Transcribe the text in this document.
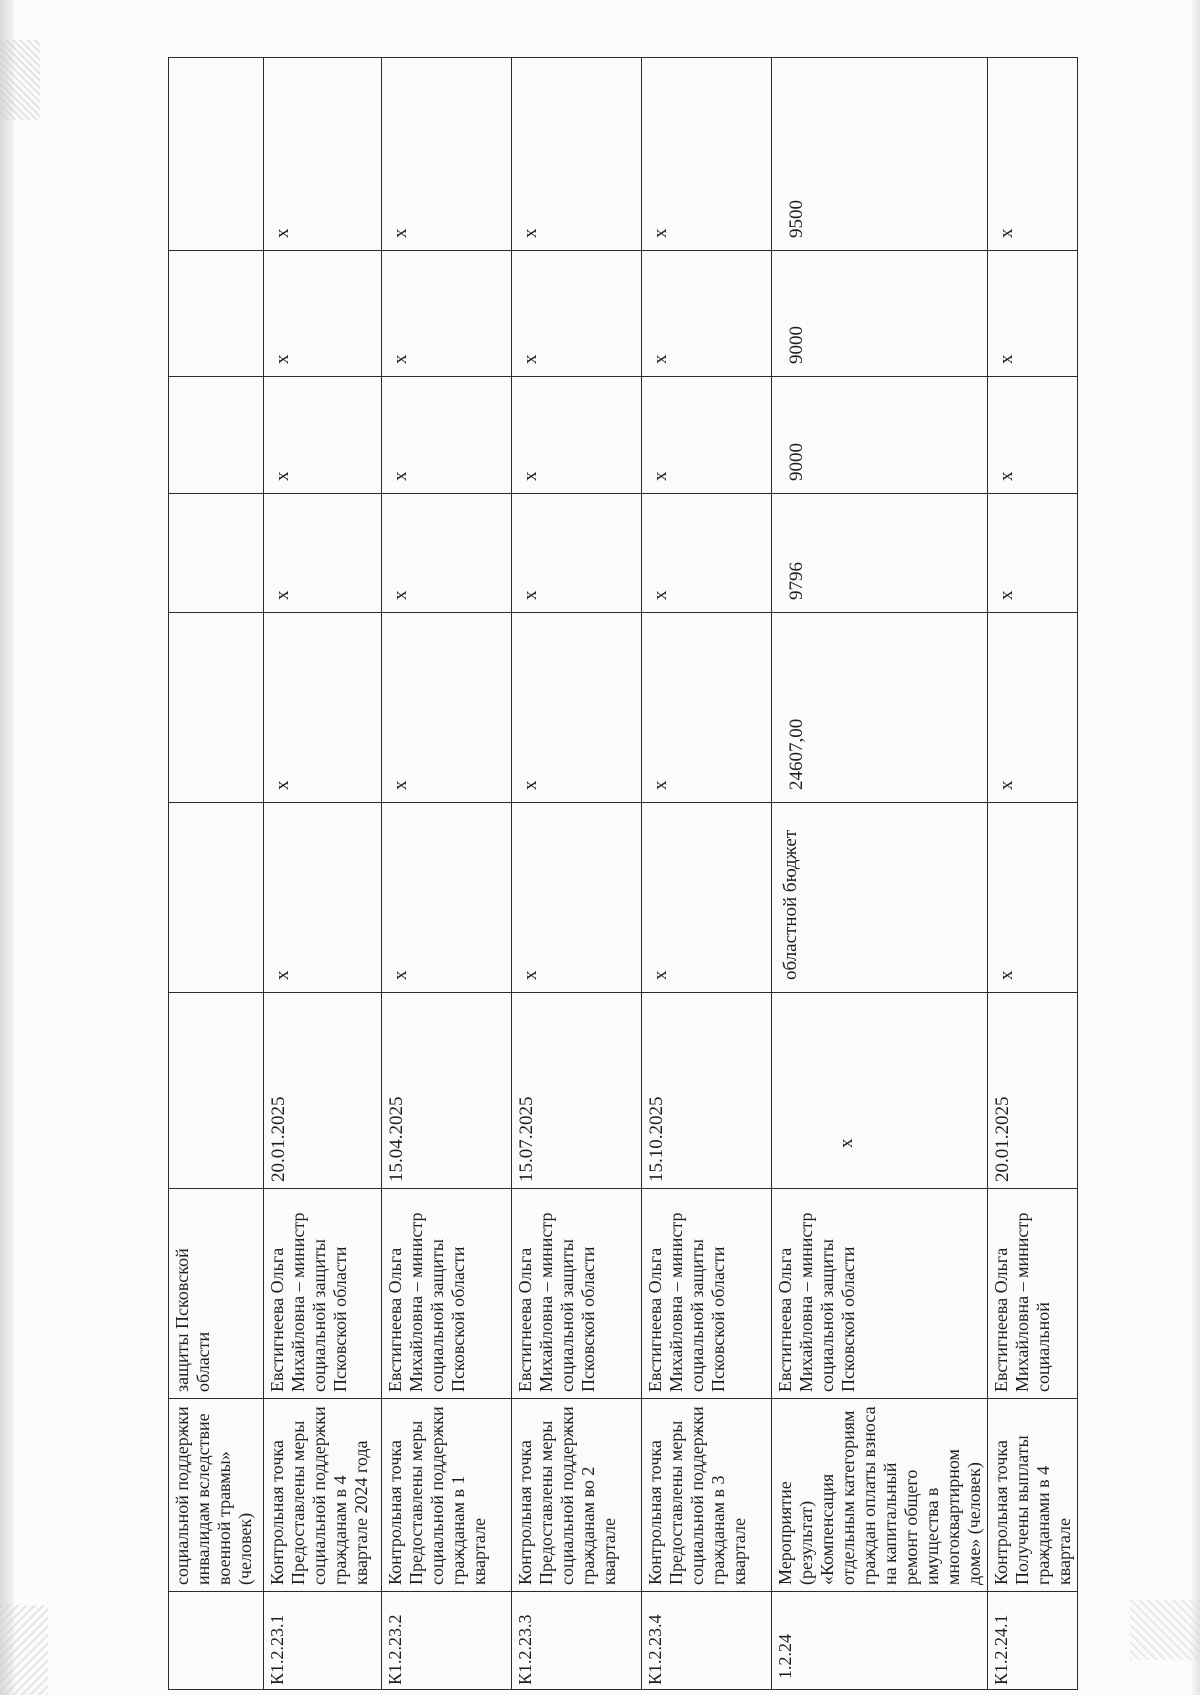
	социальной поддержки инвалидам вследствие военной травмы» (человек)	защиты Псковской области							
К1.2.23.1	Контрольная точка Предоставлены меры социальной поддержки гражданам в 4 квартале 2024 года	Евстигнеева Ольга Михайловна – министр социальной защиты Псковской области	20.01.2025	х	х	х	х	х	х
К1.2.23.2	Контрольная точка Предоставлены меры социальной поддержки гражданам в 1 квартале	Евстигнеева Ольга Михайловна – министр социальной защиты Псковской области	15.04.2025	х	х	х	х	х	х
К1.2.23.3	Контрольная точка Предоставлены меры социальной поддержки гражданам во 2 квартале	Евстигнеева Ольга Михайловна – министр социальной защиты Псковской области	15.07.2025	х	х	х	х	х	х
К1.2.23.4	Контрольная точка Предоставлены меры социальной поддержки гражданам в 3 квартале	Евстигнеева Ольга Михайловна – министр социальной защиты Псковской области	15.10.2025	х	х	х	х	х	х
1.2.24	Мероприятие (результат) «Компенсация отдельным категориям граждан оплаты взноса на капитальный ремонт общего имущества в многоквартирном доме» (человек)	Евстигнеева Ольга Михайловна – министр социальной защиты Псковской области	х	областной бюджет	24607,00	9796	9000	9000	9500
К1.2.24.1	Контрольная точка Получены выплаты гражданами в 4 квартале	Евстигнеева Ольга Михайловна – министр социальной	20.01.2025	х	х	х	х	х	х
